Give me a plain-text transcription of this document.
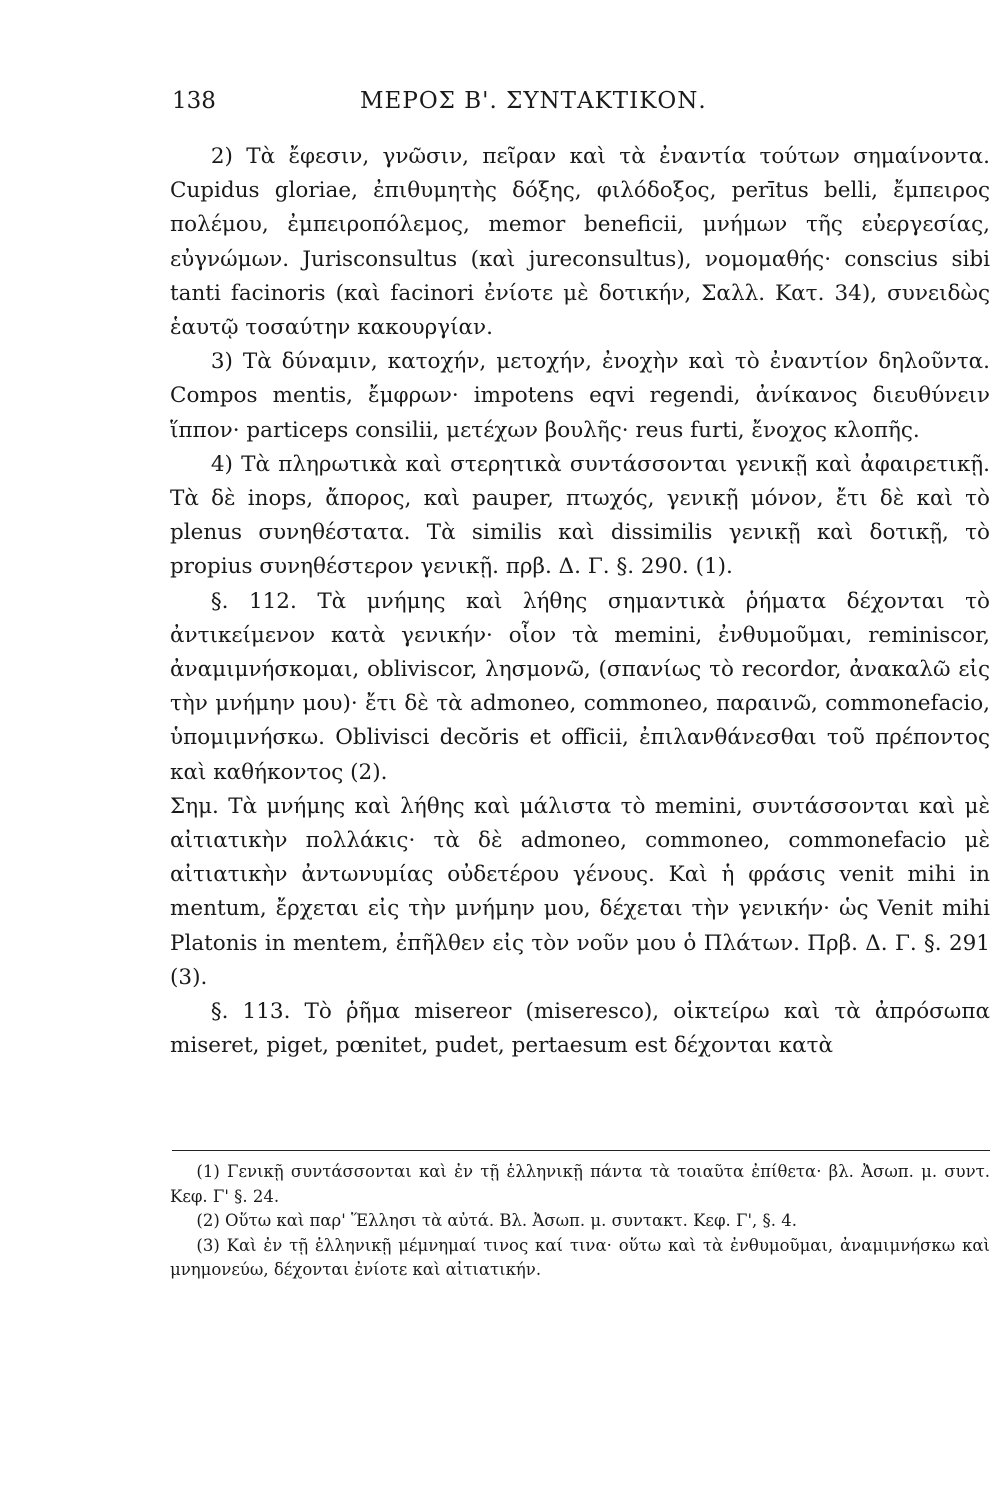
138	ΜΕΡΟΣ Β'. ΣΥΝΤΑΚΤΙΚΟΝ.

2) Τὰ ἔφεσιν, γνῶσιν, πεῖραν καὶ τὰ ἐναντία τούτων σημαίνοντα. Cupidus gloriae, ἐπιθυμητὴς δόξης, φιλόδοξος, perītus belli, ἔμπειρος πολέμου, ἐμπειροπόλεμος, memor beneficii, μνήμων τῆς εὐεργεσίας, εὐγνώμων. Jurisconsultus (καὶ jureconsultus), νομομαθής· conscius sibi tanti facinoris (καὶ facinori ἐνίοτε μὲ δοτικήν, Σαλλ. Κατ. 34), συνειδὼς ἑαυτῷ τοσαύτην κακουργίαν.

3) Τὰ δύναμιν, κατοχήν, μετοχήν, ἐνοχὴν καὶ τὸ ἐναντίον δηλοῦντα. Compos mentis, ἔμφρων· impotens eqvi regendi, ἀνίκανος διευθύνειν ἵππον· particeps consilii, μετέχων βουλῆς· reus furti, ἔνοχος κλοπῆς.

4) Τὰ πληρωτικὰ καὶ στερητικὰ συντάσσονται γενικῇ καὶ ἀφαιρετικῇ. Τὰ δὲ inops, ἄπορος, καὶ pauper, πτωχός, γενικῇ μόνον, ἔτι δὲ καὶ τὸ plenus συνηθέστατα. Τὰ similis καὶ dissimilis γενικῇ καὶ δοτικῇ, τὸ propius συνηθέστερον γενικῇ. πρβ. Δ. Γ. §. 290. (1).

§. 112. Τὰ μνήμης καὶ λήθης σημαντικὰ ῥήματα δέχονται τὸ ἀντικείμενον κατὰ γενικήν· οἷον τὰ memini, ἐνθυμοῦμαι, reminiscor, ἀναμιμνήσκομαι, obliviscor, λησμονῶ, (σπανίως τὸ recordor, ἀνακαλῶ εἰς τὴν μνήμην μου)· ἔτι δὲ τὰ admoneo, commoneo, παραινῶ, commonefacio, ὑπομιμνήσκω. Oblivisci decŏris et officii, ἐπιλανθάνεσθαι τοῦ πρέποντος καὶ καθήκοντος (2).

Σημ. Τὰ μνήμης καὶ λήθης καὶ μάλιστα τὸ memini, συντάσσονται καὶ μὲ αἰτιατικὴν πολλάκις· τὰ δὲ admoneo, commoneo, commonefacio μὲ αἰτιατικὴν ἀντωνυμίας οὐδετέρου γένους. Καὶ ἡ φράσις venit mihi in mentum, ἔρχεται εἰς τὴν μνήμην μου, δέχεται τὴν γενικήν· ὡς Venit mihi Platonis in mentem, ἐπῆλθεν εἰς τὸν νοῦν μου ὁ Πλάτων. Πρβ. Δ. Γ. §. 291 (3).

§. 113. Τὸ ῥῆμα misereor (miseresco), οἰκτείρω καὶ τὰ ἀπρόσωπα miseret, piget, pœnitet, pudet, pertaesum est δέχονται κατὰ

(1) Γενικῇ συντάσσονται καὶ ἐν τῇ ἑλληνικῇ πάντα τὰ τοιαῦτα ἐπίθετα· βλ. Ἀσωπ. μ. συντ. Κεφ. Γ' §. 24.

(2) Οὕτω καὶ παρ' Ἕλλησι τὰ αὐτά. Βλ. Ἀσωπ. μ. συντακτ. Κεφ. Γ', §. 4.

(3) Καὶ ἐν τῇ ἑλληνικῇ μέμνημαί τινος καί τινα· οὕτω καὶ τὰ ἐνθυμοῦμαι, ἀναμιμνήσκω καὶ μνημονεύω, δέχονται ἐνίοτε καὶ αἰτιατικήν.
